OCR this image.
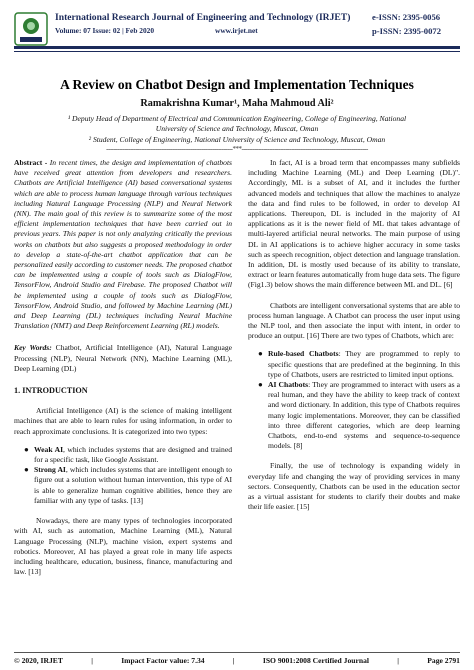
International Research Journal of Engineering and Technology (IRJET)	e-ISSN: 2395-0056
Volume: 07 Issue: 02 | Feb 2020	www.irjet.net	p-ISSN: 2395-0072
A Review on Chatbot Design and Implementation Techniques
Ramakrishna Kumar¹, Maha Mahmoud Ali²
¹ Deputy Head of Department of Electrical and Communication Engineering, College of Engineering, National
University of Science and Technology, Muscat, Oman
² Student, College of Engineering, National University of Science and Technology, Muscat, Oman
---------------------------------------------------------------------***---------------------------------------------------------------------
Abstract - In recent times, the design and implementation of chatbots have received great attention from developers and researchers. Chatbots are Artificial Intelligence (AI) based conversational systems which are able to process human language through various techniques including Natural Language Processing (NLP) and Neural Network (NN). The main goal of this review is to summarize some of the most efficient implementation techniques that have been carried out in previous years. This paper is not only analyzing critically the previous works on chatbots but also suggests a proposed methodology in order to develop a state-of-the-art chatbot application that can be personalized easily according to customer needs. The proposed chatbot can be implemented using a couple of tools such as DialogFlow, TensorFlow, Android Studio and Firebase. The proposed Chatbot will be implemented using a couple of tools such as DialogFlow, TensorFlow, Android Studio, and followed by Machine Learning (ML) and Deep Learning (DL) techniques including Neural Machine Translation (NMT) and Deep Reinforcement Learning (RL) models.
Key Words: Chatbot, Artificial Intelligence (AI), Natural Language Processing (NLP), Neural Network (NN), Machine Learning (ML), Deep Learning (DL)
1. INTRODUCTION
Artificial Intelligence (AI) is the science of making intelligent machines that are able to learn rules for using information, in order to reach approximate conclusions. It is categorized into two types:
● Weak AI, which includes systems that are designed and trained for a specific task, like Google Assistant.
● Strong AI, which includes systems that are intelligent enough to figure out a solution without human intervention, this type of AI is able to generalize human cognitive abilities, hence they are familiar with any type of tasks. [13]
Nowadays, there are many types of technologies incorporated with AI, such as automation, Machine Learning (ML), Natural Language Processing (NLP), machine vision, expert systems and robotics. Moreover, AI has played a great role in many life aspects including healthcare, education, business, finance, manufacturing and law. [13]
In fact, AI is a broad term that encompasses many subfields including Machine Learning (ML) and Deep Learning (DL)". Accordingly, ML is a subset of AI, and it includes the further advanced models and techniques that allow the machines to analyze the data and find rules to be followed, in order to develop AI applications. Thereupon, DL is included in the majority of AI applications as it is the newer field of ML that takes advantage of multi-layered artificial neural networks. The main purpose of using DL in AI applications is to achieve higher accuracy in some tasks such as speech recognition, object detection and language translation. In addition, DL is mostly used because of its ability to translate, extract or learn features automatically from huge data sets. The figure (Fig1.3) below shows the main difference between ML and DL. [6]
Chatbots are intelligent conversational systems that are able to process human language. A Chatbot can process the user input using the NLP tool, and then associate the input with intent, in order to produce an output. [16] There are two types of Chatbots, which are:
● Rule-based Chatbots: They are programmed to reply to specific questions that are predefined at the beginning. In this type of Chatbots, users are restricted to limited input options.
● AI Chatbots: They are programmed to interact with users as a real human, and they have the ability to keep track of context and word dictionary. In addition, this type of Chatbots requires many logic implementations. Moreover, they can be classified into three different categories, which are deep learning Chatbots, end-to-end systems and sequence-to-sequence models. [8]
Finally, the use of technology is expanding widely in everyday life and changing the way of providing services in many sectors. Consequently, Chatbots can be used in the education sector as a virtual assistant for students to clarify their doubts and make their life easier. [15]
© 2020, IRJET	|	Impact Factor value: 7.34	|	ISO 9001:2008 Certified Journal	|	Page 2791
